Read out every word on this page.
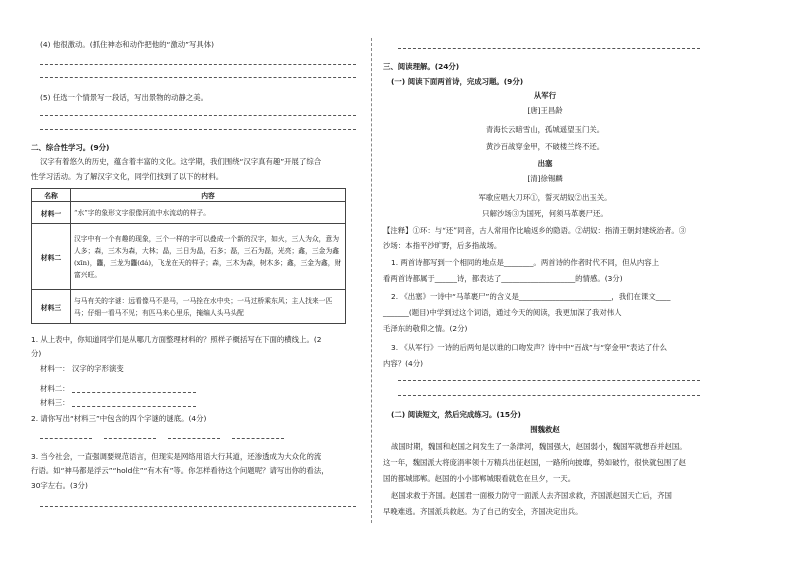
(4) 他很激动。(抓住神态和动作把他的“激动”写具体)
(5) 任选一个情景写一段话，写出景物的动静之美。
二、综合性学习。(9分)
汉字有着悠久的历史，蕴含着丰富的文化。这学期，我们围绕“汉字真有趣”开展了综合
性学习活动。为了解汉字文化，同学们找到了以下的材料。
名称	内容
材料一	“水”字的象形文字很像河流中水流动的样子。
材料二	汉字中有一个有趣的现象，三个一样的字可以叠成一个新的汉字，如火，三人为众，意为人多；森，三木为森，大林；晶，三日为晶，石多；磊，三石为磊，光亮；鑫，三金为鑫(xīn)，龘，三龙为龘(dá)，飞龙在天的样子；森，三木为森，树木多；鑫，三金为鑫，财富兴旺。
材料三	与马有关的字谜：远看像马不是马，一马拴在水中央；一马过桥乘东风；主人找来一匹马；仔细一看马不见；有匹马来心里乐，掩编人头马头配
1. 从上表中，你知道同学们是从哪几方面整理材料的？照样子概括写在下面的横线上。(2
分)
材料一： 汉字的字形演变
材料二：
材料三：
2. 请你写出“材料三”中包含的四个字谜的谜底。(4分)
3. 当今社会，一直强调要规范语言，但现实是网络用语大行其道，还渗透成为大众化的流
行语。如“神马都是浮云”“hold住”“有木有”等。你怎样看待这个问题呢？请写出你的看法，
30字左右。(3分)
三、阅读理解。(24分)
(一) 阅读下面两首诗，完成习题。(9分)
从军行
[唐]王昌龄
青海长云暗雪山，孤城遥望玉门关。
黄沙百战穿金甲，不破楼兰终不还。
出塞
[清]徐锡麟
军歌应唱大刀环①，誓灭胡奴②出玉关。
只解沙场③为国死，何须马革裹尸还。
【注释】①环：与“还”同音，古人常用作比喻返乡的隐语。②胡奴：指清王朝封建统治者。③
沙场：本指平沙旷野，后多指战场。
1. 两首诗都写到一个相同的地点是________。两首诗的作者时代不同，但从内容上
看两首诗都属于______诗，都表达了____________________的情感。(3分)
2. 《出塞》一诗中“马革裹尸”的含义是_________________________，我们在课文____
_______(题目)中学到过这个词语，通过今天的阅读，我更加深了我对伟人
毛泽东的敬仰之情。(2分)
3. 《从军行》一诗的后两句是以谁的口吻发声？诗中中“百战”与“穿金甲”表达了什么
内容？(4分)
(二) 阅读短文，然后完成练习。(15分)
围魏救赵
战国时期，魏国和赵国之间发生了一条津河，魏国强大，赵国弱小，魏国军就想吞并赵国。
这一年，魏国派大将庞涓率领十万精兵出征赵国，一路所向披靡，势如破竹，很快就包围了赵
国的都城邯郸。赵国的小小邯郸城眼看就危在旦夕，一天。
赵国求救于齐国。赵国君一面极力防守一面派人去齐国求救，齐国派赵国天亡后，齐国
早晚难逃。齐国派兵救赵。为了自己的安全，齐国决定出兵。
